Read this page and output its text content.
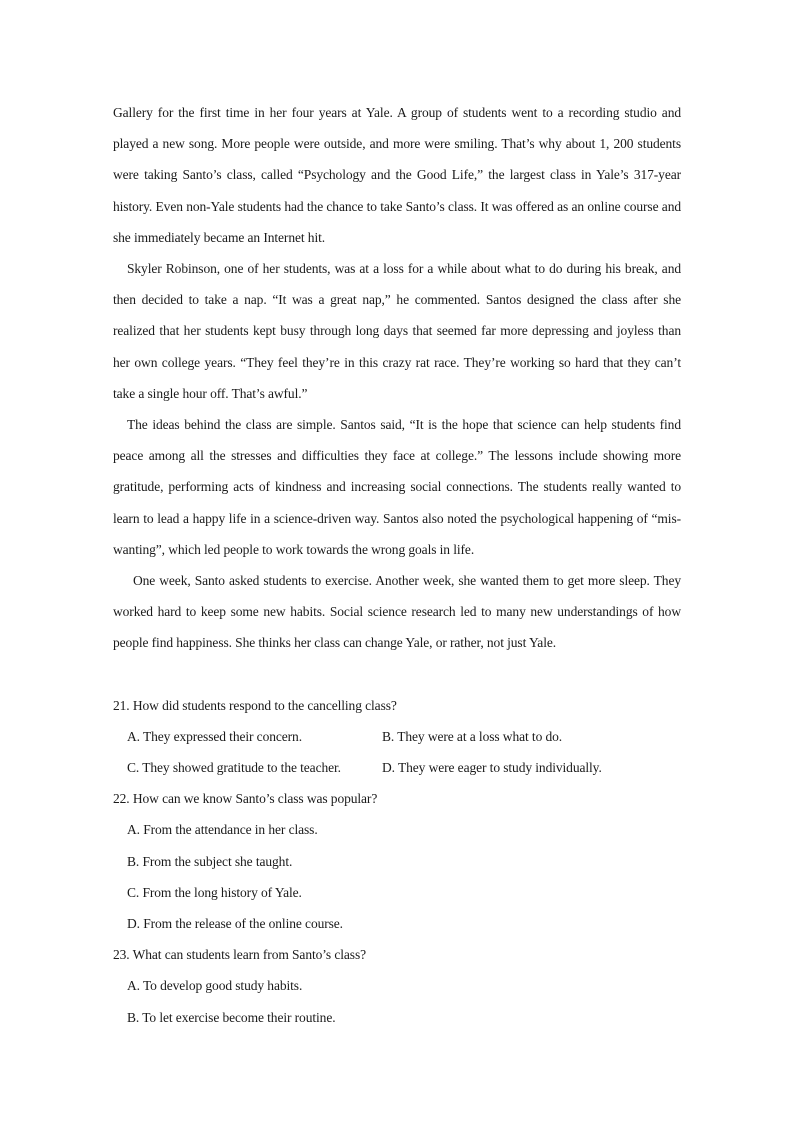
Gallery for the first time in her four years at Yale. A group of students went to a recording studio and played a new song. More people were outside, and more were smiling. That’s why about 1, 200 students were taking Santo’s class, called “Psychology and the Good Life,” the largest class in Yale’s 317-year history. Even non-Yale students had the chance to take Santo’s class. It was offered as an online course and she immediately became an Internet hit.

Skyler Robinson, one of her students, was at a loss for a while about what to do during his break, and then decided to take a nap. “It was a great nap,” he commented. Santos designed the class after she realized that her students kept busy through long days that seemed far more depressing and joyless than her own college years. “They feel they’re in this crazy rat race. They’re working so hard that they can’t take a single hour off. That’s awful.”

The ideas behind the class are simple. Santos said, “It is the hope that science can help students find peace among all the stresses and difficulties they face at college.” The lessons include showing more gratitude, performing acts of kindness and increasing social connections. The students really wanted to learn to lead a happy life in a science-driven way. Santos also noted the psychological happening of “mis-wanting”, which led people to work towards the wrong goals in life.

One week, Santo asked students to exercise. Another week, she wanted them to get more sleep. They worked hard to keep some new habits. Social science research led to many new understandings of how people find happiness. She thinks her class can change Yale, or rather, not just Yale.

21. How did students respond to the cancelling class?

A. They expressed their concern.	B. They were at a loss what to do.
C. They showed gratitude to the teacher.	D. They were eager to study individually.

22. How can we know Santo’s class was popular?

A. From the attendance in her class.
B. From the subject she taught.
C. From the long history of Yale.
D. From the release of the online course.

23. What can students learn from Santo’s class?

A. To develop good study habits.
B. To let exercise become their routine.
